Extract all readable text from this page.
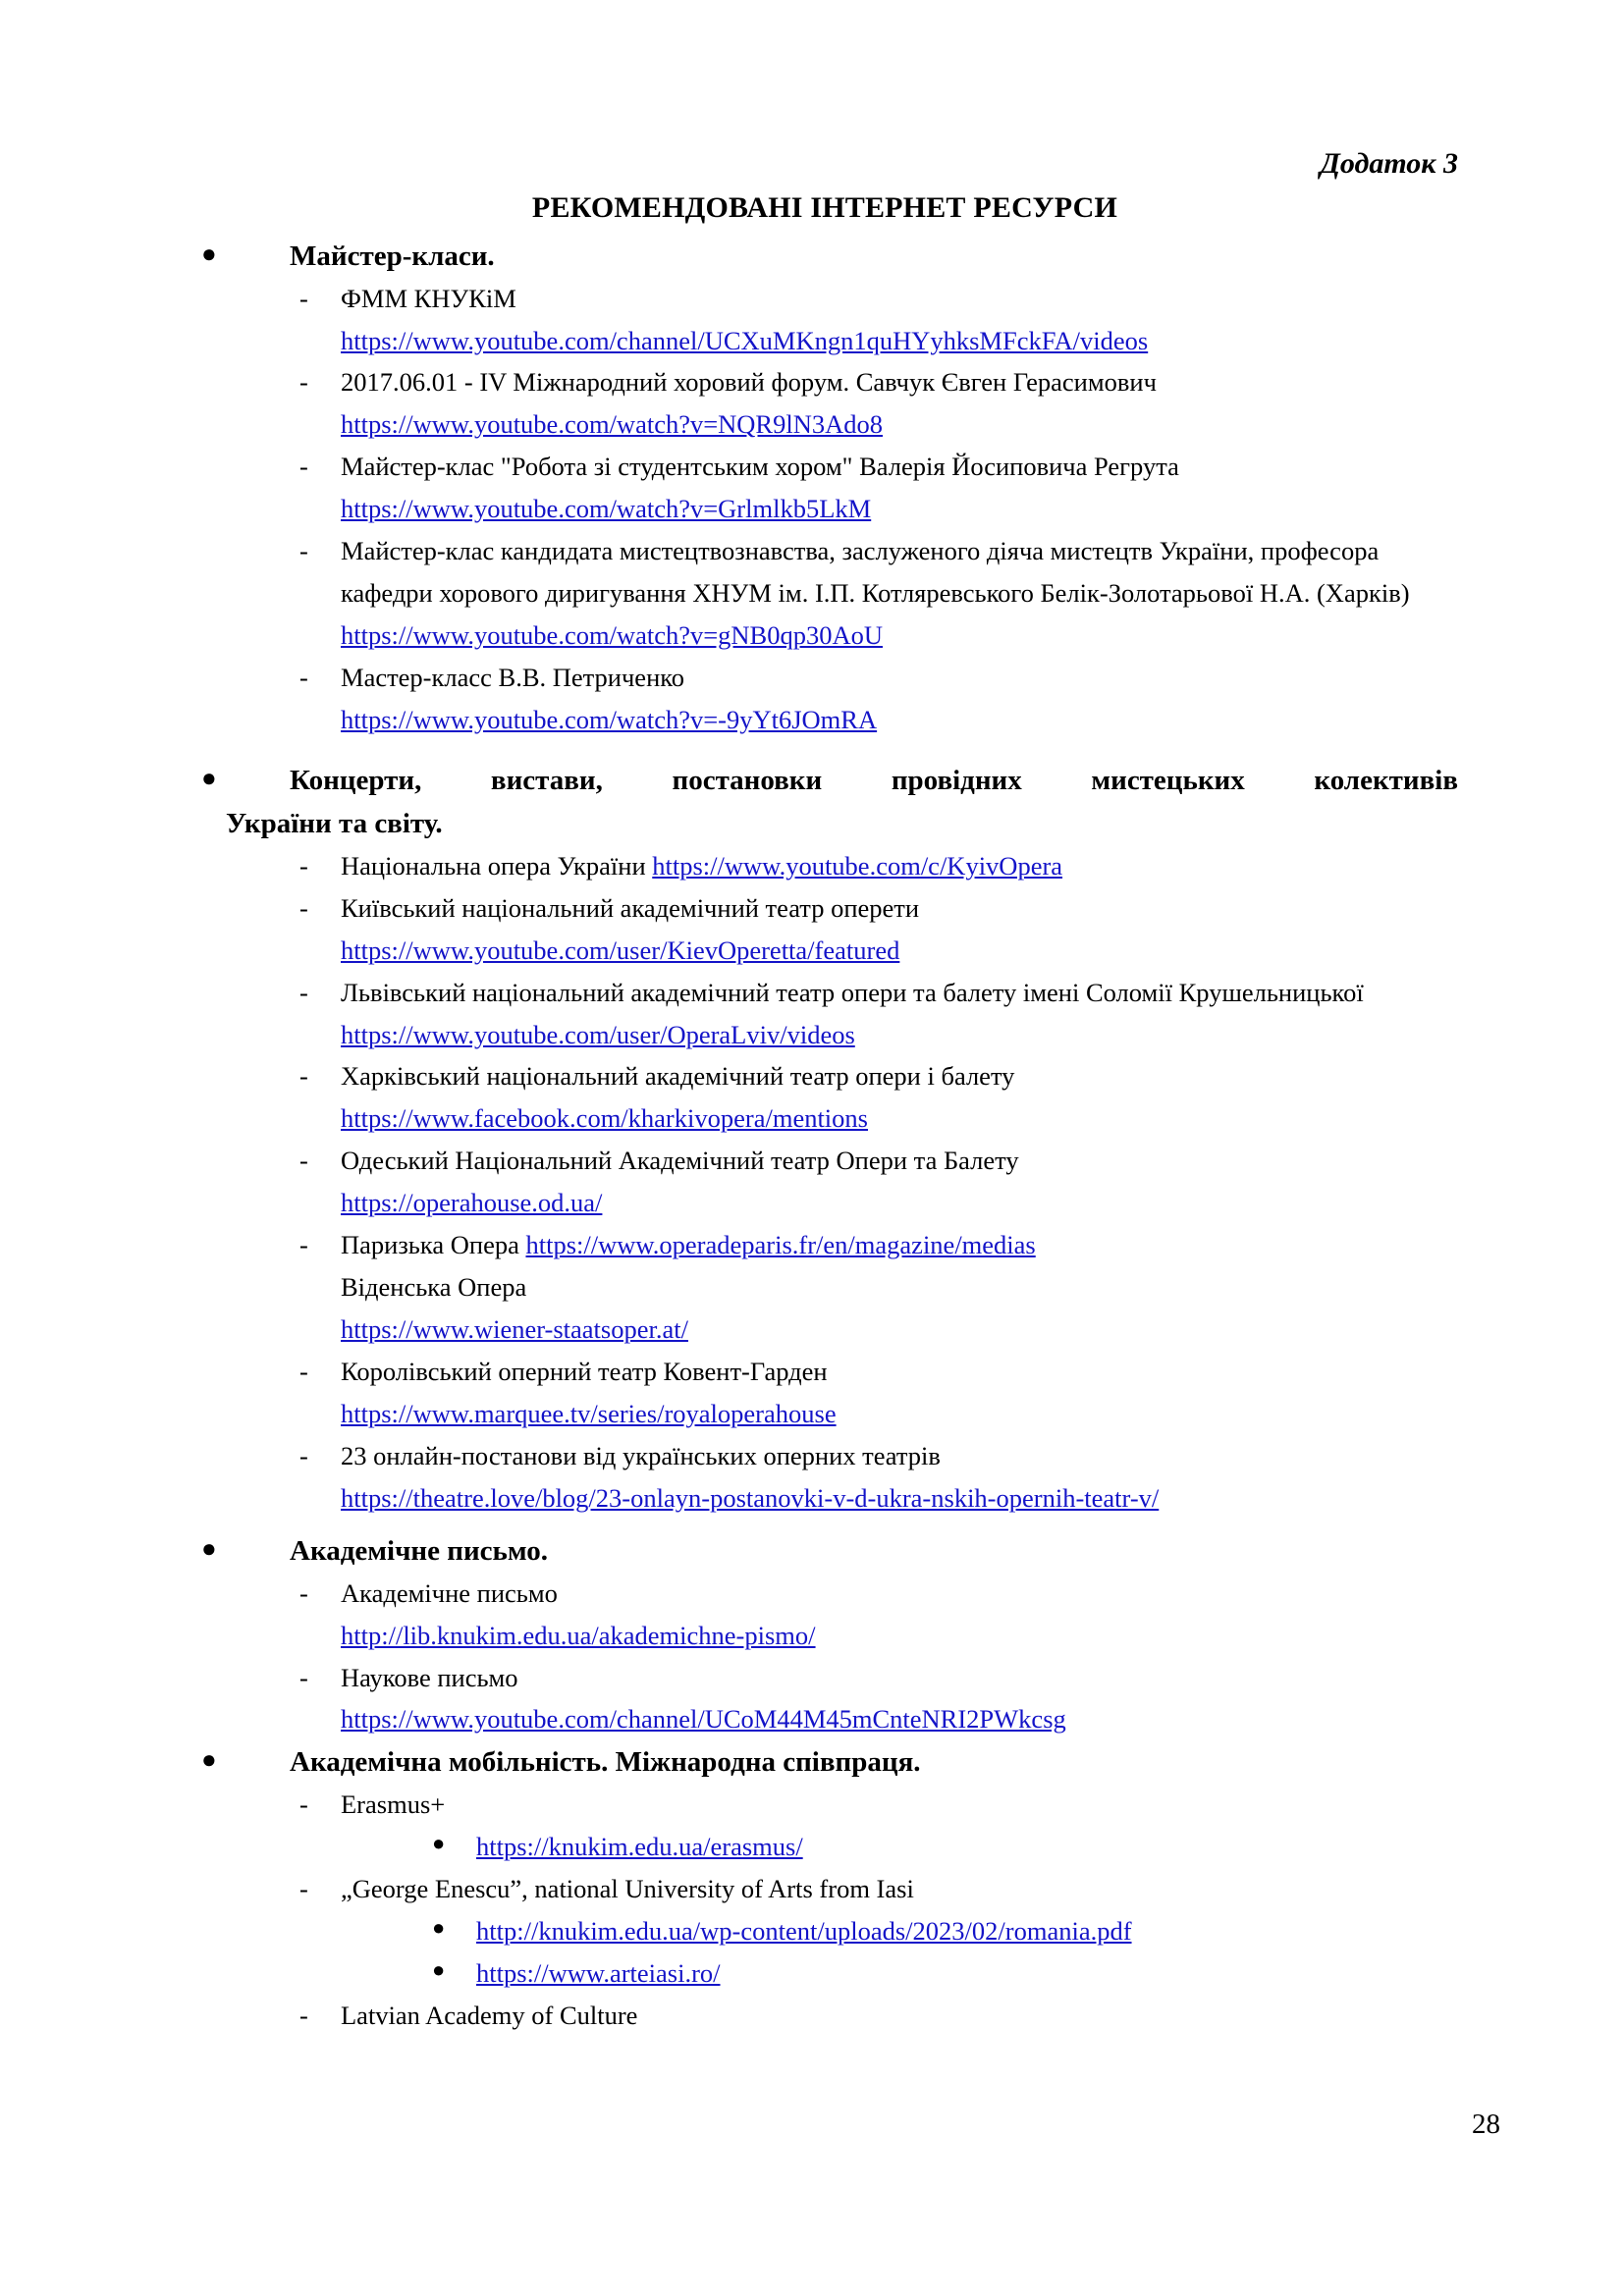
Додаток 3
РЕКОМЕНДОВАНІ ІНТЕРНЕТ РЕСУРСИ
●	Майстер-класи.
- ФММ КНУКіМ
https://www.youtube.com/channel/UCXuMKngn1quHYyhksMFckFA/videos
- 2017.06.01 - IV Міжнародний хоровий форум. Савчук Євген Герасимович
https://www.youtube.com/watch?v=NQR9lN3Ado8
- Майстер-клас "Робота зі студентським хором" Валерія Йосиповича Регрута
https://www.youtube.com/watch?v=Grlmlkb5LkM
- Майстер-клас кандидата мистецтвознавства, заслуженого діяча мистецтв України, професора кафедри хорового диригування ХНУМ ім. І.П. Котляревського Белік-Золотарьової Н.А. (Харків)
https://www.youtube.com/watch?v=gNB0qp30AoU
- Мастер-класс В.В. Петриченко
https://www.youtube.com/watch?v=-9yYt6JOmRA
●	Концерти, вистави, постановки провідних мистецьких колективів
України та світу.
- Національна опера України https://www.youtube.com/c/KyivOpera
- Київський національний академічний театр оперети
https://www.youtube.com/user/KievOperetta/featured
- Львівський національний академічний театр опери та балету імені Соломії Крушельницької https://www.youtube.com/user/OperaLviv/videos
- Харківський національний академічний театр опери і балету
https://www.facebook.com/kharkivopera/mentions
- Одеський Національний Академічний театр Опери та Балету
https://operahouse.od.ua/
- Паризька Опера https://www.operadeparis.fr/en/magazine/medias
Віденська Опера
https://www.wiener-staatsoper.at/
- Королівський оперний театр Ковент-Гарден
https://www.marquee.tv/series/royaloperahouse
- 23 онлайн-постанови від українських оперних театрів
https://theatre.love/blog/23-onlayn-postanovki-v-d-ukra-nskih-opernih-teatr-v/
●	Академічне письмо.
- Академічне письмо
http://lib.knukim.edu.ua/akademichne-pismo/
- Наукове письмо
https://www.youtube.com/channel/UCoM44M45mCnteNRI2PWkcsg
●	Академічна мобільність. Міжнародна співпраця.
- Erasmus+
● https://knukim.edu.ua/erasmus/
- „George Enescu”, national University of Arts from Iasi
● http://knukim.edu.ua/wp-content/uploads/2023/02/romania.pdf
● https://www.arteiasi.ro/
- Latvian Academy of Culture
28
